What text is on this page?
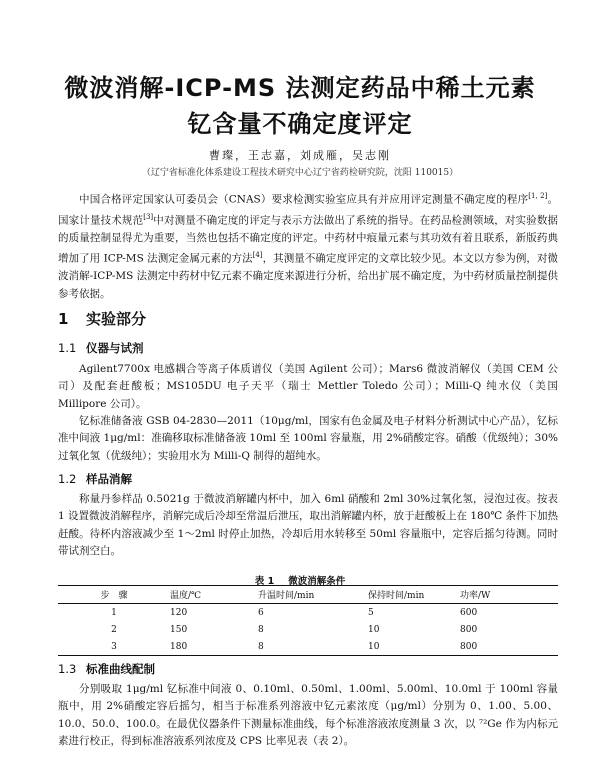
微波消解-ICP-MS 法测定药品中稀土元素
钇含量不确定度评定
曹璨，王志嘉，刘成雁，吴志刚
（辽宁省标准化体系建设工程技术研究中心辽宁省药检研究院，沈阳 110015）
中国合格评定国家认可委员会（CNAS）要求检测实验室应具有并应用评定测量不确定度的程序[1, 2]。国家计量技术规范[3]中对测量不确定度的评定与表示方法做出了系统的指导。在药品检测领域，对实验数据的质量控制显得尤为重要，当然也包括不确定度的评定。中药材中痕量元素与其功效有着且联系，新版药典增加了用 ICP-MS 法测定金属元素的方法[4]，其测量不确定度评定的文章比较少见。本文以方参为例，对微波消解-ICP-MS 法测定中药材中钇元素不确定度来源进行分析，给出扩展不确定度，为中药材质量控制提供参考依据。
1 实验部分
1.1 仪器与试剂
Agilent7700x 电感耦合等离子体质谱仪（美国 Agilent 公司）；Mars6 微波消解仪（美国 CEM 公司）及配套赶酸板；MS105DU 电子天平（瑞士 Mettler Toledo 公司）；Milli-Q 纯水仪（美国 Millipore 公司）。
钇标准储备液 GSB 04-2830—2011（10μg/ml，国家有色金属及电子材料分析测试中心产品），钇标准中间液 1μg/ml：准确移取标准储备液 10ml 至 100ml 容量瓶，用 2%硝酸定容。硝酸（优级纯）；30%过氧化氢（优级纯）；实验用水为 Milli-Q 制得的超纯水。
1.2 样品消解
称量丹参样品 0.5021g 于微波消解罐内杯中，加入 6ml 硝酸和 2ml 30%过氧化氢，浸泡过夜。按表 1 设置微波消解程序，消解完成后冷却至常温后泄压，取出消解罐内杯，放于赶酸板上在 180℃ 条件下加热赶酸。待杯内溶液减少至 1～2ml 时停止加热，冷却后用水转移至 50ml 容量瓶中，定容后摇匀待测。同时带试剂空白。
表 1 微波消解条件
步　骤	温度/℃	升温时间/min	保持时间/min	功率/W
1	120	6	5	600
2	150	8	10	800
3	180	8	10	800
1.3 标准曲线配制
分别吸取 1μg/ml 钇标准中间液 0、0.10ml、0.50ml、1.00ml、5.00ml、10.0ml 于 100ml 容量瓶中，用 2%硝酸定容后摇匀，相当于标准系列溶液中钇元素浓度（μg/ml）分别为 0、1.00、5.00、10.0、50.0、100.0。在最优仪器条件下测量标准曲线，每个标准溶液浓度测量 3 次，以 ⁷²Ge 作为内标元素进行校正，得到标准溶液系列浓度及 CPS 比率见表（表 2）。
